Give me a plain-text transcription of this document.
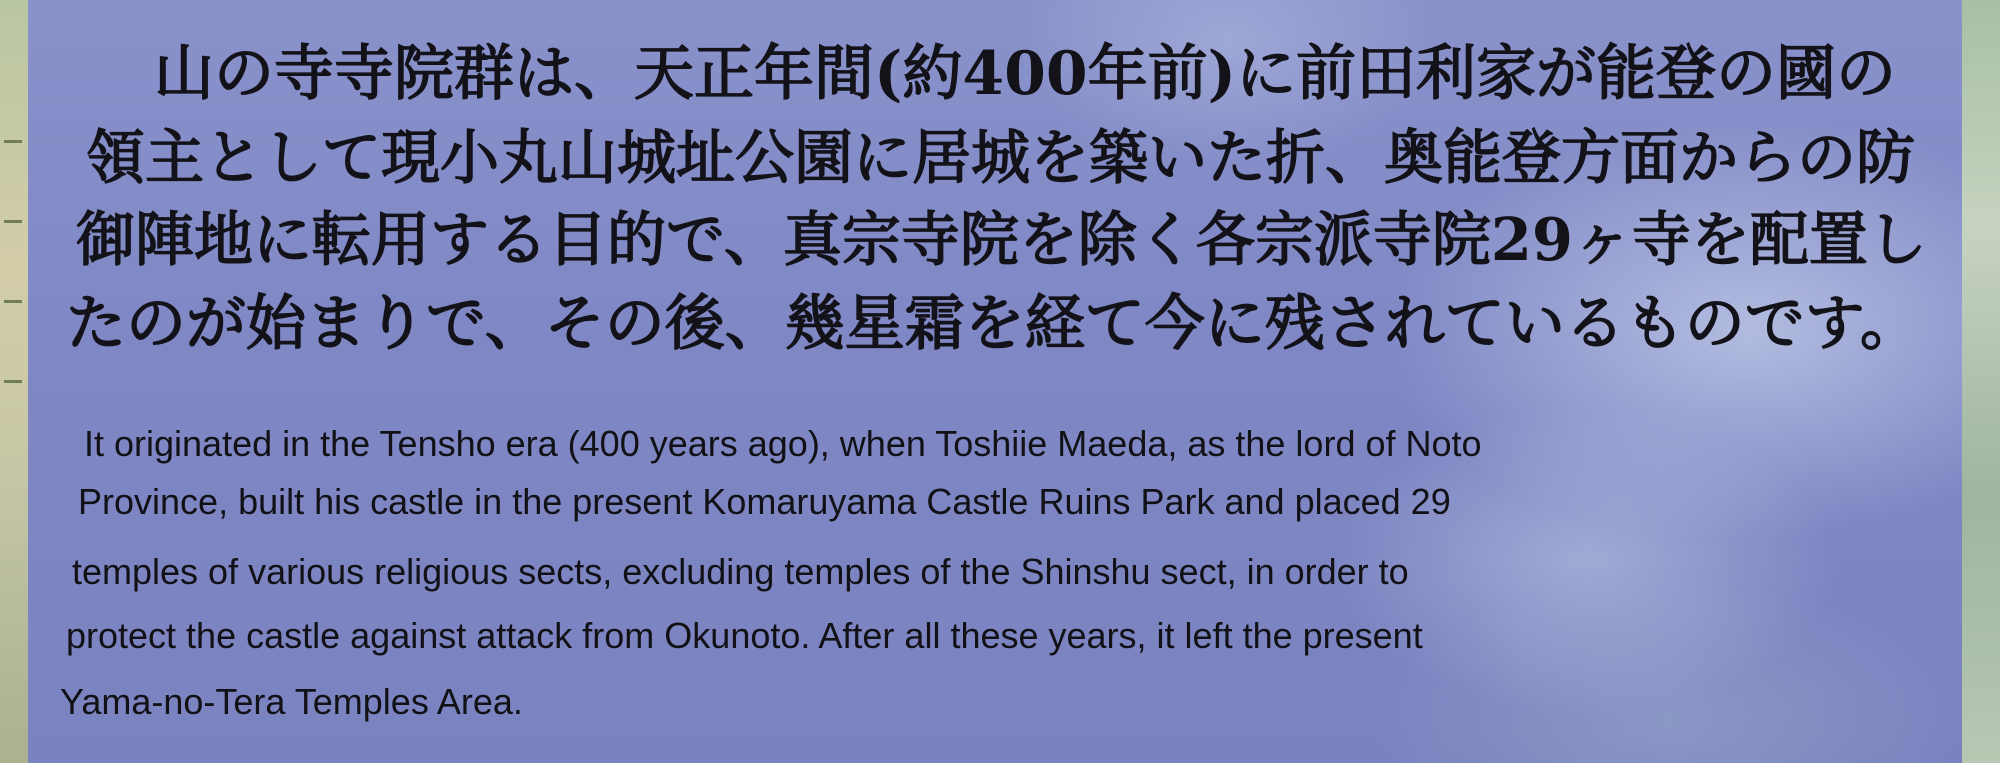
山の寺寺院群は、天正年間(約400年前)に前田利家が能登の國の
領主として現小丸山城址公園に居城を築いた折、奥能登方面からの防
御陣地に転用する目的で、真宗寺院を除く各宗派寺院29ヶ寺を配置し
たのが始まりで、その後、幾星霜を経て今に残されているものです。
It originated in the Tensho era (400 years ago), when Toshiie Maeda, as the lord of Noto
Province, built his castle in the present Komaruyama Castle Ruins Park and placed 29
temples of various religious sects, excluding temples of the Shinshu sect, in order to
protect the castle against attack from Okunoto. After all these years, it left the present
Yama-no-Tera Temples Area.
